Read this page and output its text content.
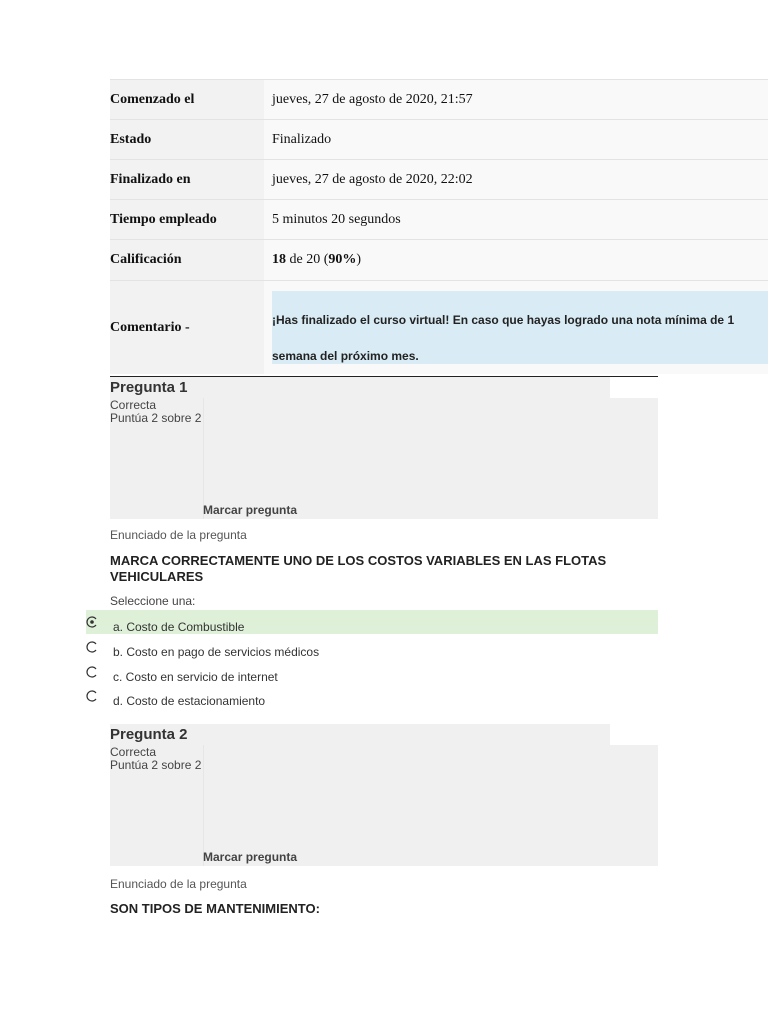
Comenzado el	jueves, 27 de agosto de 2020, 21:57
Estado	Finalizado
Finalizado en	jueves, 27 de agosto de 2020, 22:02
Tiempo empleado	5 minutos 20 segundos
Calificación	18 de 20 ( 90% )
Comentario -	¡Has finalizado el curso virtual! En caso que hayas logrado una nota mínima de 1
semana del próximo mes.
Pregunta 1
Correcta
Puntúa 2 sobre 2
Marcar pregunta
Enunciado de la pregunta
MARCA CORRECTAMENTE UNO DE LOS COSTOS VARIABLES EN LAS FLOTAS VEHICULARES
Seleccione una:
a. Costo de Combustible
b. Costo en pago de servicios médicos
c. Costo en servicio de internet
d. Costo de estacionamiento
Pregunta 2
Correcta
Puntúa 2 sobre 2
Marcar pregunta
Enunciado de la pregunta
SON TIPOS DE MANTENIMIENTO:
